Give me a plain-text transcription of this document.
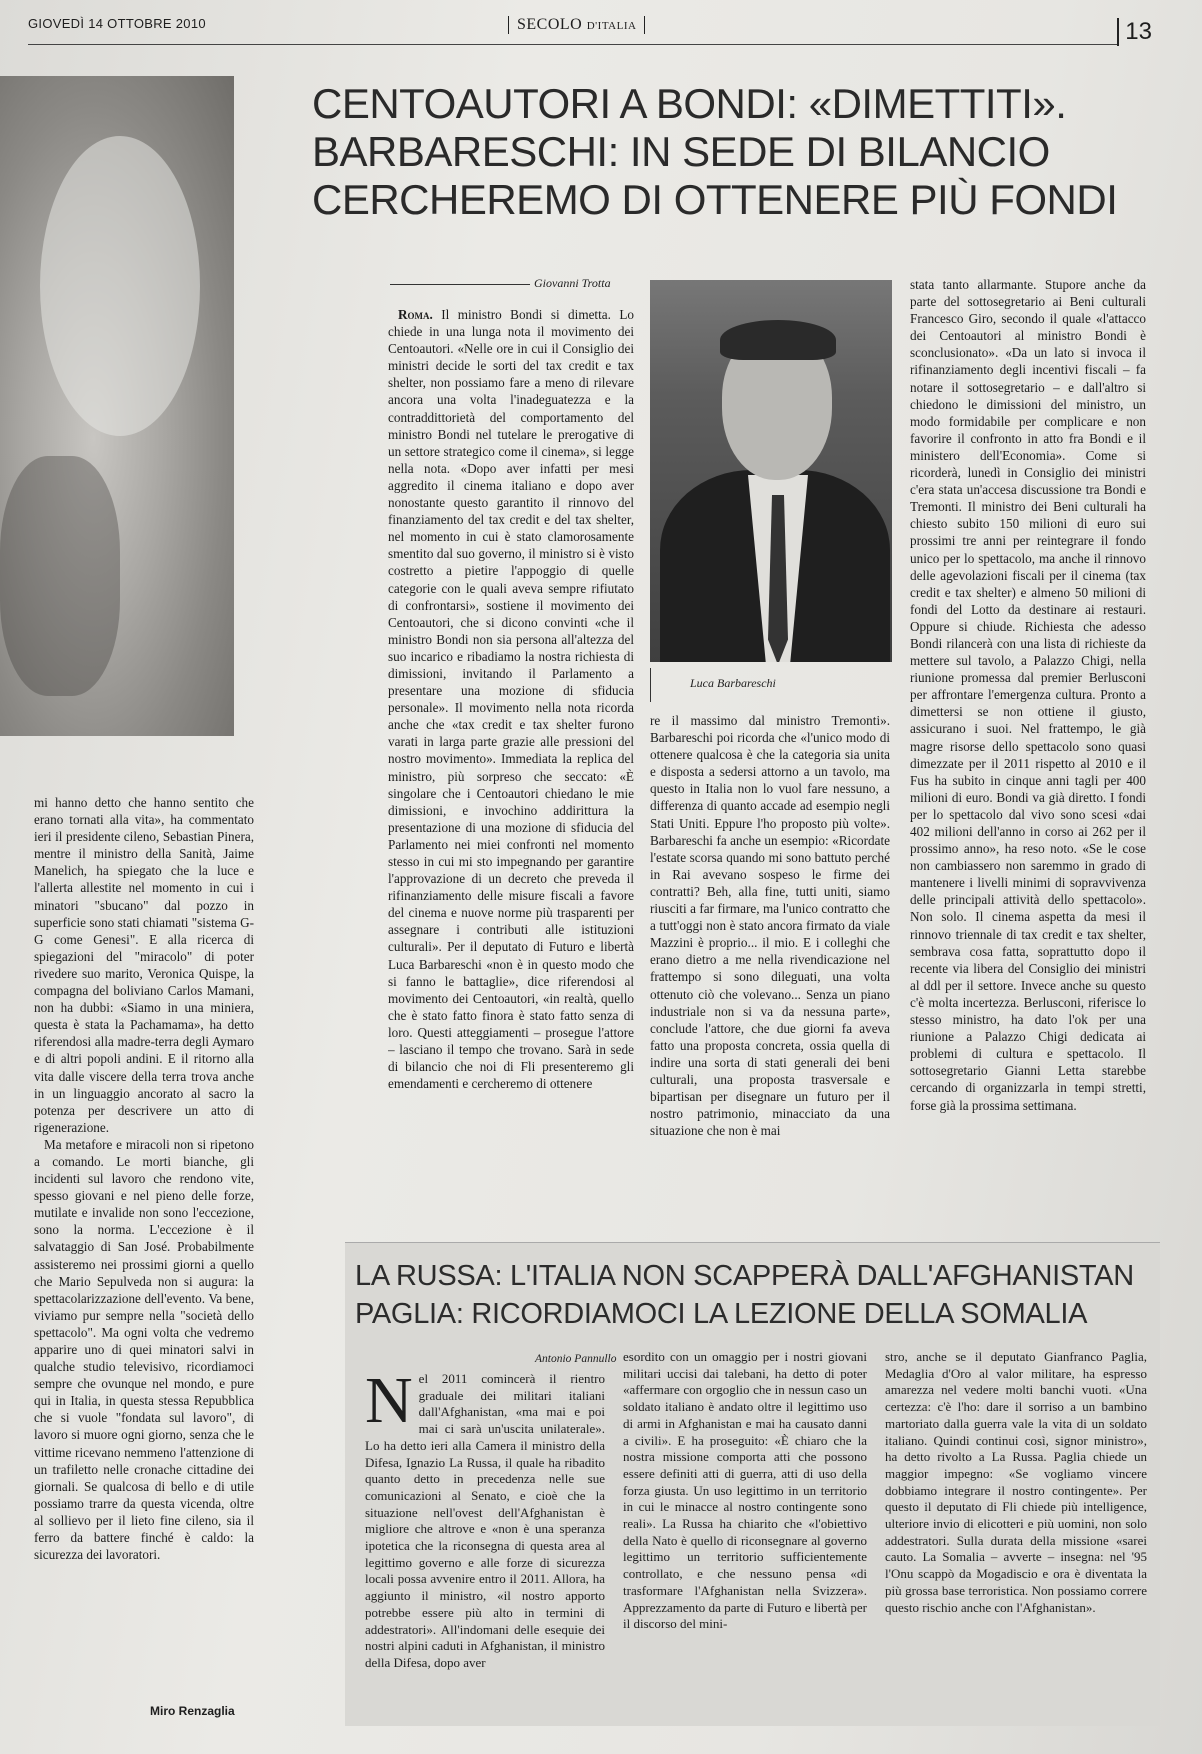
GIOVEDÌ 14 OTTOBRE 2010	SECOLO D'ITALIA	13
CENTOAUTORI A BONDI: «DIMETTITI».
BARBARESCHI: IN SEDE DI BILANCIO
CERCHEREMO DI OTTENERE PIÙ FONDI
Giovanni Trotta

Roma. Il ministro Bondi si dimetta. Lo chiede in una lunga nota il movimento dei Centoautori. «Nelle ore in cui il Consiglio dei ministri decide le sorti del tax credit e tax shelter, non possiamo fare a meno di rilevare ancora una volta l'inadeguatezza e la contraddittorietà del comportamento del ministro Bondi nel tutelare le prerogative di un settore strategico come il cinema», si legge nella nota. «Dopo aver infatti per mesi aggredito il cinema italiano e dopo aver nonostante questo garantito il rinnovo del finanziamento del tax credit e del tax shelter, nel momento in cui è stato clamorosamente smentito dal suo governo, il ministro si è visto costretto a pietire l'appoggio di quelle categorie con le quali aveva sempre rifiutato di confrontarsi», sostiene il movimento dei Centoautori, che si dicono convinti «che il ministro Bondi non sia persona all'altezza del suo incarico e ribadiamo la nostra richiesta di dimissioni, invitando il Parlamento a presentare una mozione di sfiducia personale». Il movimento nella nota ricorda anche che «tax credit e tax shelter furono varati in larga parte grazie alle pressioni del nostro movimento». Immediata la replica del ministro, più sorpreso che seccato: «È singolare che i Centoautori chiedano le mie dimissioni, e invochino addirittura la presentazione di una mozione di sfiducia del Parlamento nei miei confronti nel momento stesso in cui mi sto impegnando per garantire l'approvazione di un decreto che preveda il rifinanziamento delle misure fiscali a favore del cinema e nuove norme più trasparenti per assegnare i contributi alle istituzioni culturali». Per il deputato di Futuro e libertà Luca Barbareschi «non è in questo modo che si fanno le battaglie», dice riferendosi al movimento dei Centoautori, «in realtà, quello che è stato fatto finora è stato fatto senza di loro. Questi atteggiamenti – prosegue l'attore – lasciano il tempo che trovano. Sarà in sede di bilancio che noi di Fli presenteremo gli emendamenti e cercheremo di ottenere

Luca Barbareschi

re il massimo dal ministro Tremonti». Barbareschi poi ricorda che «l'unico modo di ottenere qualcosa è che la categoria sia unita e disposta a sedersi attorno a un tavolo, ma questo in Italia non lo vuol fare nessuno, a differenza di quanto accade ad esempio negli Stati Uniti. Eppure l'ho proposto più volte». Barbareschi fa anche un esempio: «Ricordate l'estate scorsa quando mi sono battuto perché in Rai avevano sospeso le firme dei contratti? Beh, alla fine, tutti uniti, siamo riusciti a far firmare, ma l'unico contratto che a tutt'oggi non è stato ancora firmato da viale Mazzini è proprio... il mio. E i colleghi che erano dietro a me nella rivendicazione nel frattempo si sono dileguati, una volta ottenuto ciò che volevano... Senza un piano industriale non si va da nessuna parte», conclude l'attore, che due giorni fa aveva fatto una proposta concreta, ossia quella di indire una sorta di stati generali dei beni culturali, una proposta trasversale e bipartisan per disegnare un futuro per il nostro patrimonio, minacciato da una situazione che non è mai

stata tanto allarmante. Stupore anche da parte del sottosegretario ai Beni culturali Francesco Giro, secondo il quale «l'attacco dei Centoautori al ministro Bondi è sconclusionato». «Da un lato si invoca il rifinanziamento degli incentivi fiscali – fa notare il sottosegretario – e dall'altro si chiedono le dimissioni del ministro, un modo formidabile per complicare e non favorire il confronto in atto fra Bondi e il ministero dell'Economia». Come si ricorderà, lunedì in Consiglio dei ministri c'era stata un'accesa discussione tra Bondi e Tremonti. Il ministro dei Beni culturali ha chiesto subito 150 milioni di euro sui prossimi tre anni per reintegrare il fondo unico per lo spettacolo, ma anche il rinnovo delle agevolazioni fiscali per il cinema (tax credit e tax shelter) e almeno 50 milioni di fondi del Lotto da destinare ai restauri. Oppure si chiude. Richiesta che adesso Bondi rilancerà con una lista di richieste da mettere sul tavolo, a Palazzo Chigi, nella riunione promessa dal premier Berlusconi per affrontare l'emergenza cultura. Pronto a dimettersi se non ottiene il giusto, assicurano i suoi. Nel frattempo, le già magre risorse dello spettacolo sono quasi dimezzate per il 2011 rispetto al 2010 e il Fus ha subito in cinque anni tagli per 400 milioni di euro. Bondi va già diretto. I fondi per lo spettacolo dal vivo sono scesi «dai 402 milioni dell'anno in corso ai 262 per il prossimo anno», ha reso noto. «Se le cose non cambiassero non saremmo in grado di mantenere i livelli minimi di sopravvivenza delle principali attività dello spettacolo». Non solo. Il cinema aspetta da mesi il rinnovo triennale di tax credit e tax shelter, sembrava cosa fatta, soprattutto dopo il recente via libera del Consiglio dei ministri al ddl per il settore. Invece anche su questo c'è molta incertezza. Berlusconi, riferisce lo stesso ministro, ha dato l'ok per una riunione a Palazzo Chigi dedicata ai problemi di cultura e spettacolo. Il sottosegretario Gianni Letta starebbe cercando di organizzarla in tempi stretti, forse già la prossima settimana.

mi hanno detto che hanno sentito che erano tornati alla vita», ha commentato ieri il presidente cileno, Sebastian Pinera, mentre il ministro della Sanità, Jaime Manelich, ha spiegato che la luce e l'allerta allestite nel momento in cui i minatori "sbucano" dal pozzo in superficie sono stati chiamati "sistema G-G come Genesi". E alla ricerca di spiegazioni del "miracolo" di poter rivedere suo marito, Veronica Quispe, la compagna del boliviano Carlos Mamani, non ha dubbi: «Siamo in una miniera, questa è stata la Pachamama», ha detto riferendosi alla madre-terra degli Aymaro e di altri popoli andini. E il ritorno alla vita dalle viscere della terra trova anche in un linguaggio ancorato al sacro la potenza per descrivere un atto di rigenerazione.

Ma metafore e miracoli non si ripetono a comando. Le morti bianche, gli incidenti sul lavoro che rendono vite, spesso giovani e nel pieno delle forze, mutilate e invalide non sono l'eccezione, sono la norma. L'eccezione è il salvataggio di San José. Probabilmente assisteremo nei prossimi giorni a quello che Mario Sepulveda non si augura: la spettacolarizzazione dell'evento. Va bene, viviamo pur sempre nella "società dello spettacolo". Ma ogni volta che vedremo apparire uno di quei minatori salvi in qualche studio televisivo, ricordiamoci sempre che ovunque nel mondo, e pure qui in Italia, in questa stessa Repubblica che si vuole "fondata sul lavoro", di lavoro si muore ogni giorno, senza che le vittime ricevano nemmeno l'attenzione di un trafiletto nelle cronache cittadine dei giornali. Se qualcosa di bello e di utile possiamo trarre da questa vicenda, oltre al sollievo per il lieto fine cileno, sia il ferro da battere finché è caldo: la sicurezza dei lavoratori.

Miro Renzaglia
LA RUSSA: L'ITALIA NON SCAPPERÀ DALL'AFGHANISTAN
PAGLIA: RICORDIAMOCI LA LEZIONE DELLA SOMALIA
Antonio Pannullo
N el 2011 comincerà il rientro graduale dei militari italiani dall'Afghanistan, «ma mai e poi mai ci sarà un'uscita unilaterale». Lo ha detto ieri alla Camera il ministro della Difesa, Ignazio La Russa, il quale ha ribadito quanto detto in precedenza nelle sue comunicazioni al Senato, e cioè che la situazione nell'ovest dell'Afghanistan è migliore che altrove e «non è una speranza ipotetica che la riconsegna di questa area al legittimo governo e alle forze di sicurezza locali possa avvenire entro il 2011. Allora, ha aggiunto il ministro, «il nostro apporto potrebbe essere più alto in termini di addestratori». All'indomani delle esequie dei nostri alpini caduti in Afghanistan, il ministro della Difesa, dopo aver

esordito con un omaggio per i nostri giovani militari uccisi dai talebani, ha detto di poter «affermare con orgoglio che in nessun caso un soldato italiano è andato oltre il legittimo uso di armi in Afghanistan e mai ha causato danni a civili». E ha proseguito: «È chiaro che la nostra missione comporta atti che possono essere definiti atti di guerra, atti di uso della forza giusta. Un uso legittimo in un territorio in cui le minacce al nostro contingente sono reali». La Russa ha chiarito che «l'obiettivo della Nato è quello di riconsegnare al governo legittimo un territorio sufficientemente controllato, e che nessuno pensa «di trasformare l'Afghanistan nella Svizzera». Apprezzamento da parte di Futuro e libertà per il discorso del mini-

stro, anche se il deputato Gianfranco Paglia, Medaglia d'Oro al valor militare, ha espresso amarezza nel vedere molti banchi vuoti. «Una certezza: c'è l'ho: dare il sorriso a un bambino martoriato dalla guerra vale la vita di un soldato italiano. Quindi continui così, signor ministro», ha detto rivolto a La Russa. Paglia chiede un maggior impegno: «Se vogliamo vincere dobbiamo integrare il nostro contingente». Per questo il deputato di Fli chiede più intelligence, ulteriore invio di elicotteri e più uomini, non solo addestratori. Sulla durata della missione «sarei cauto. La Somalia – avverte – insegna: nel '95 l'Onu scappò da Mogadiscio e ora è diventata la più grossa base terroristica. Non possiamo correre questo rischio anche con l'Afghanistan».
